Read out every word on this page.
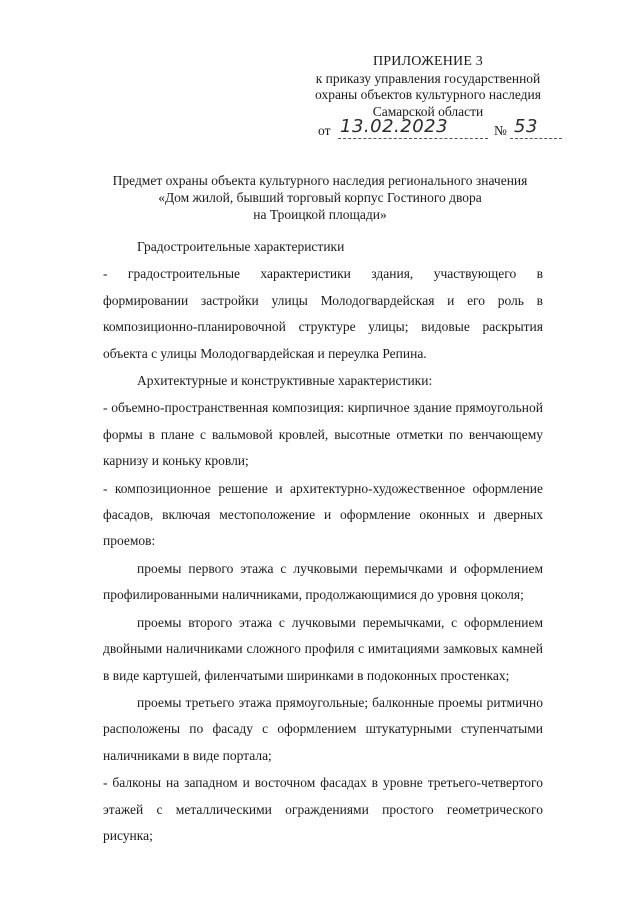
ПРИЛОЖЕНИЕ 3
к приказу управления государственной
охраны объектов культурного наследия
Самарской области
от 13.02.2023	№ 53
Предмет охраны объекта культурного наследия регионального значения
«Дом жилой, бывший торговый корпус Гостиного двора
на Троицкой площади»

Градостроительные характеристики

- градостроительные характеристики здания, участвующего в формировании застройки улицы Молодогвардейская и его роль в композиционно-планировочной структуре улицы; видовые раскрытия объекта с улицы Молодогвардейская и переулка Репина.

Архитектурные и конструктивные характеристики:

- объемно-пространственная композиция: кирпичное здание прямоугольной формы в плане с вальмовой кровлей, высотные отметки по венчающему карнизу и коньку кровли;

- композиционное решение и архитектурно-художественное оформление фасадов, включая местоположение и оформление оконных и дверных проемов:

проемы первого этажа с лучковыми перемычками и оформлением профилированными наличниками, продолжающимися до уровня цоколя;

проемы второго этажа с лучковыми перемычками, с оформлением двойными наличниками сложного профиля с имитациями замковых камней в виде картушей, филенчатыми ширинками в подоконных простенках;

проемы третьего этажа прямоугольные; балконные проемы ритмично расположены по фасаду с оформлением штукатурными ступенчатыми наличниками в виде портала;

- балконы на западном и восточном фасадах в уровне третьего-четвертого этажей с металлическими ограждениями простого геометрического рисунка;
